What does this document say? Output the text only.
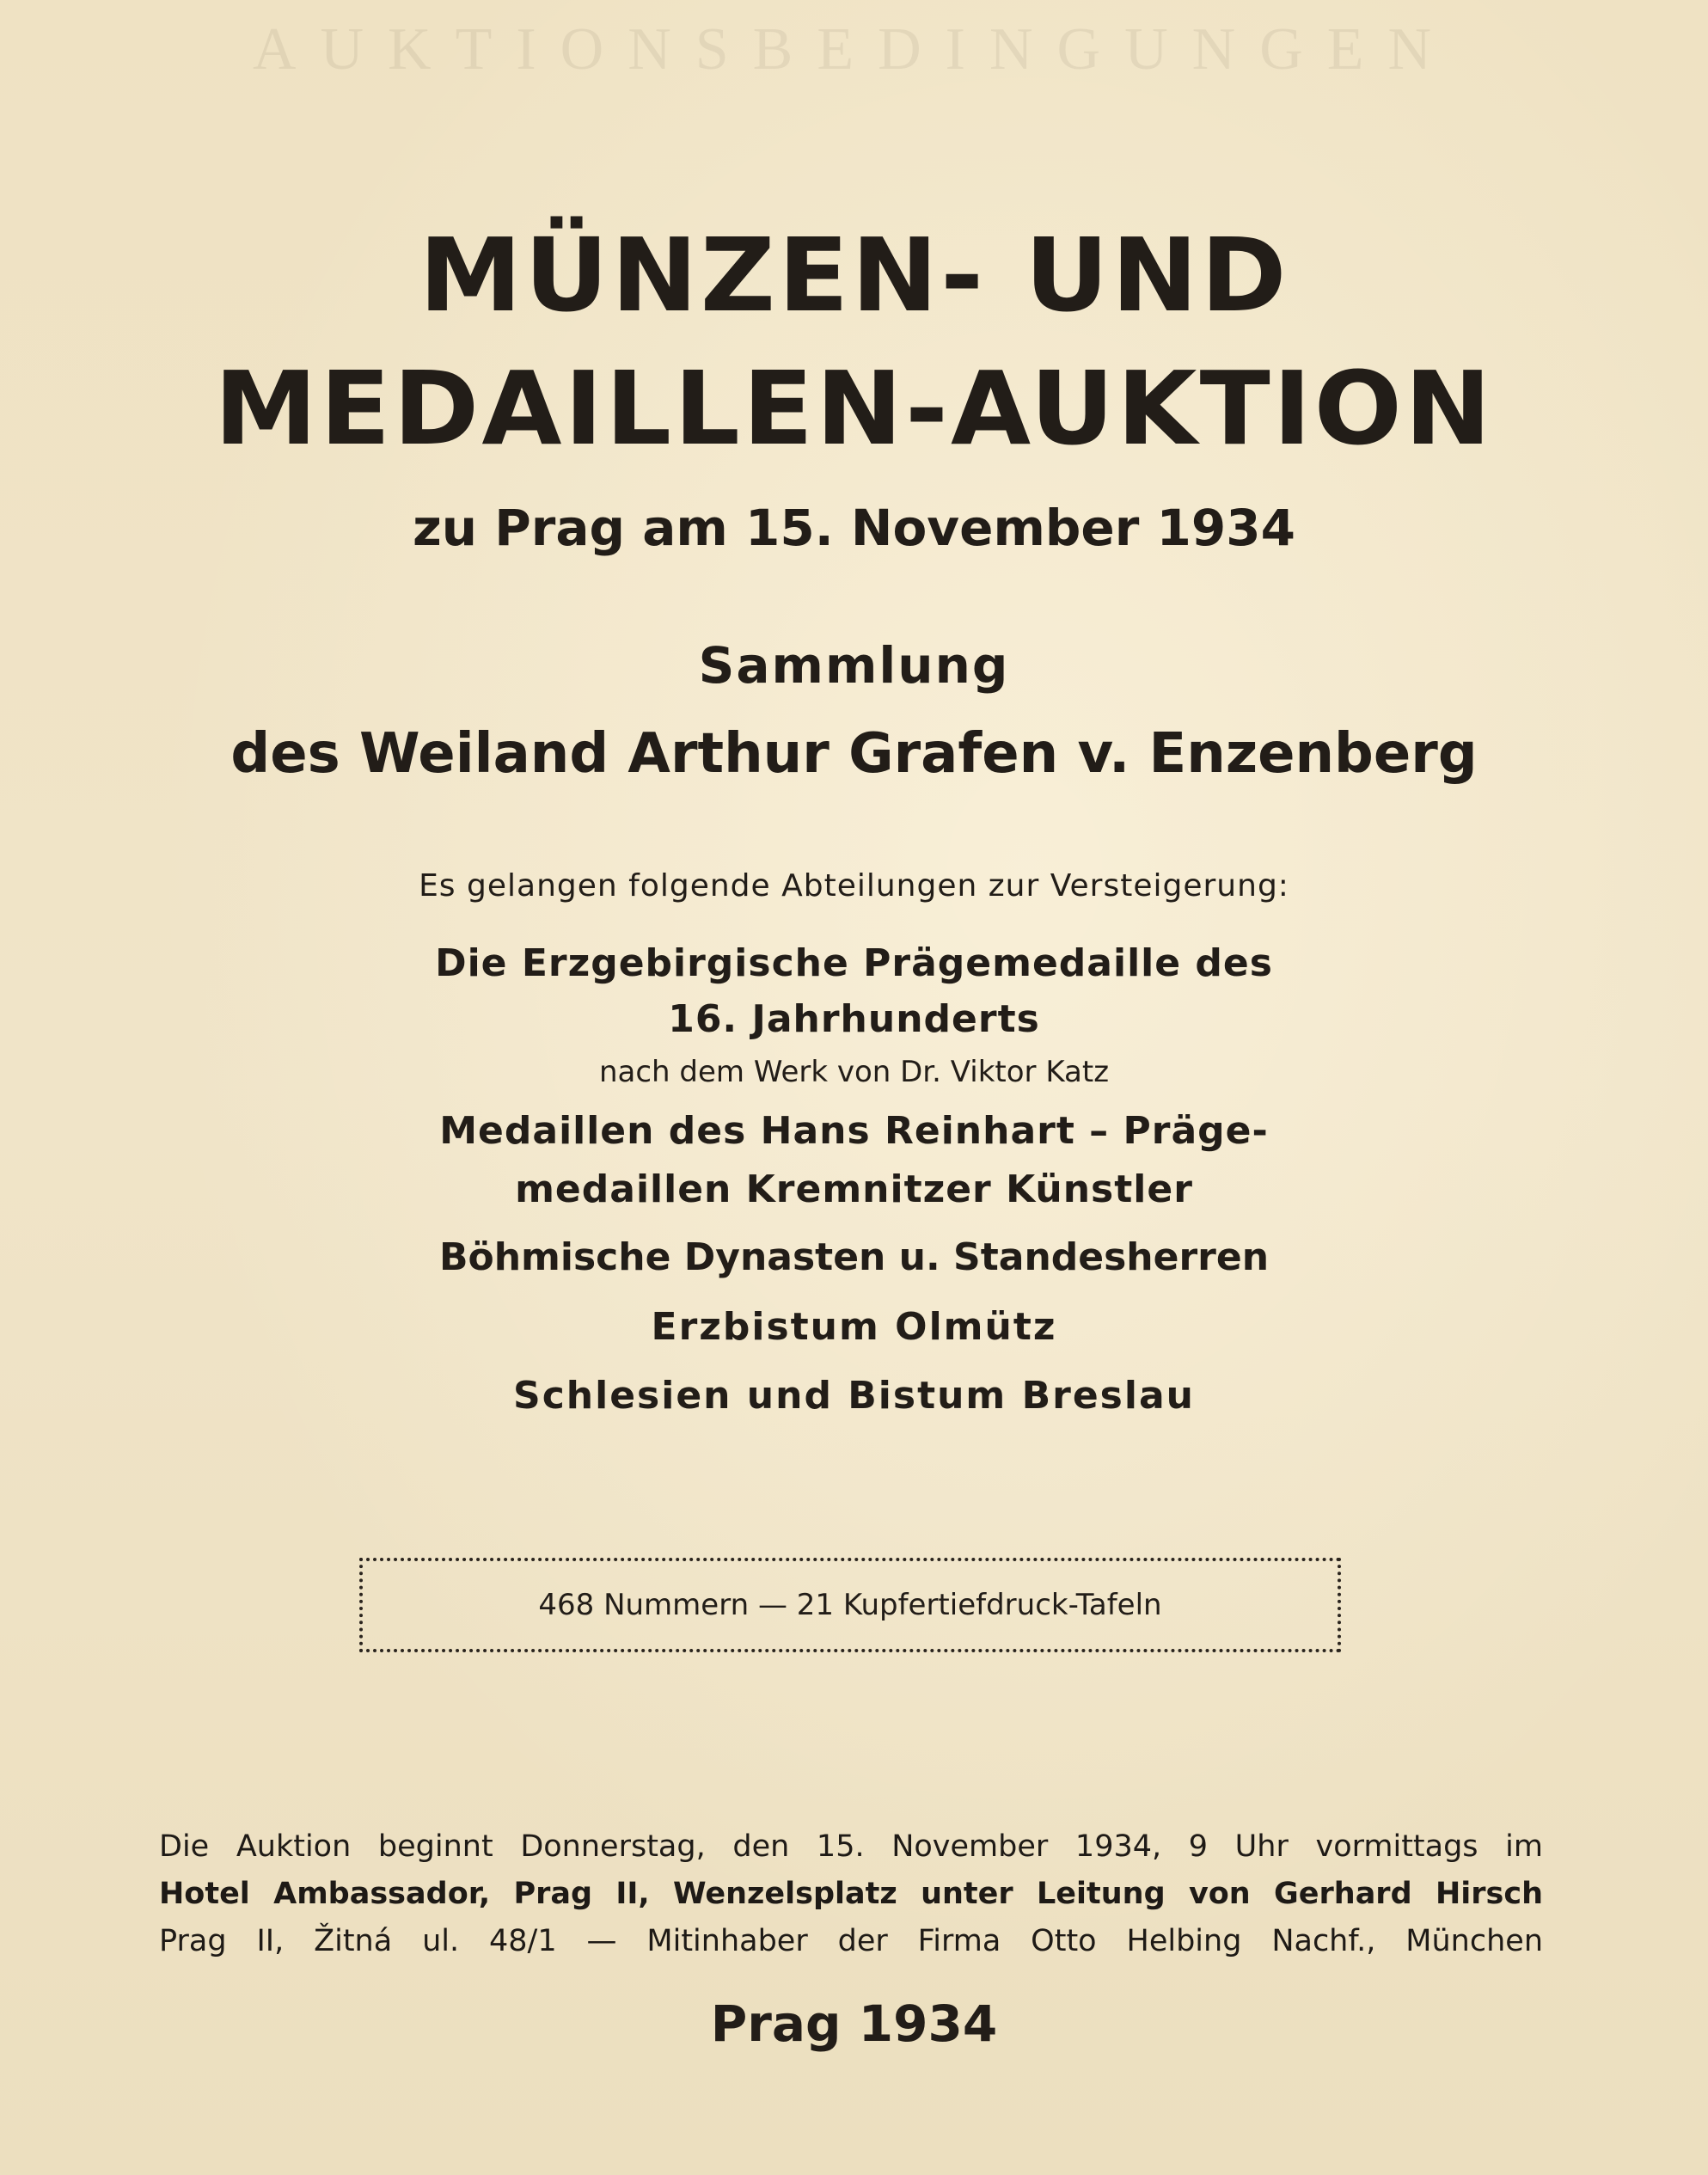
AUKTIONSBEDINGUNGEN
MÜNZEN- UND
MEDAILLEN-AUKTION
zu Prag am 15. November 1934
Sammlung
des Weiland Arthur Grafen v. Enzenberg
Es gelangen folgende Abteilungen zur Versteigerung:
Die Erzgebirgische Prägemedaille des
16. Jahrhunderts
nach dem Werk von Dr. Viktor Katz
Medaillen des Hans Reinhart – Präge-
medaillen Kremnitzer Künstler
Böhmische Dynasten u. Standesherren
Erzbistum Olmütz
Schlesien und Bistum Breslau
468 Nummern — 21 Kupfertiefdruck-Tafeln
Die Auktion beginnt Donnerstag, den 15. November 1934, 9 Uhr vormittags im
Hotel Ambassador, Prag II, Wenzelsplatz unter Leitung von Gerhard Hirsch
Prag II, Žitná ul. 48/1 — Mitinhaber der Firma Otto Helbing Nachf., München
Prag 1934
